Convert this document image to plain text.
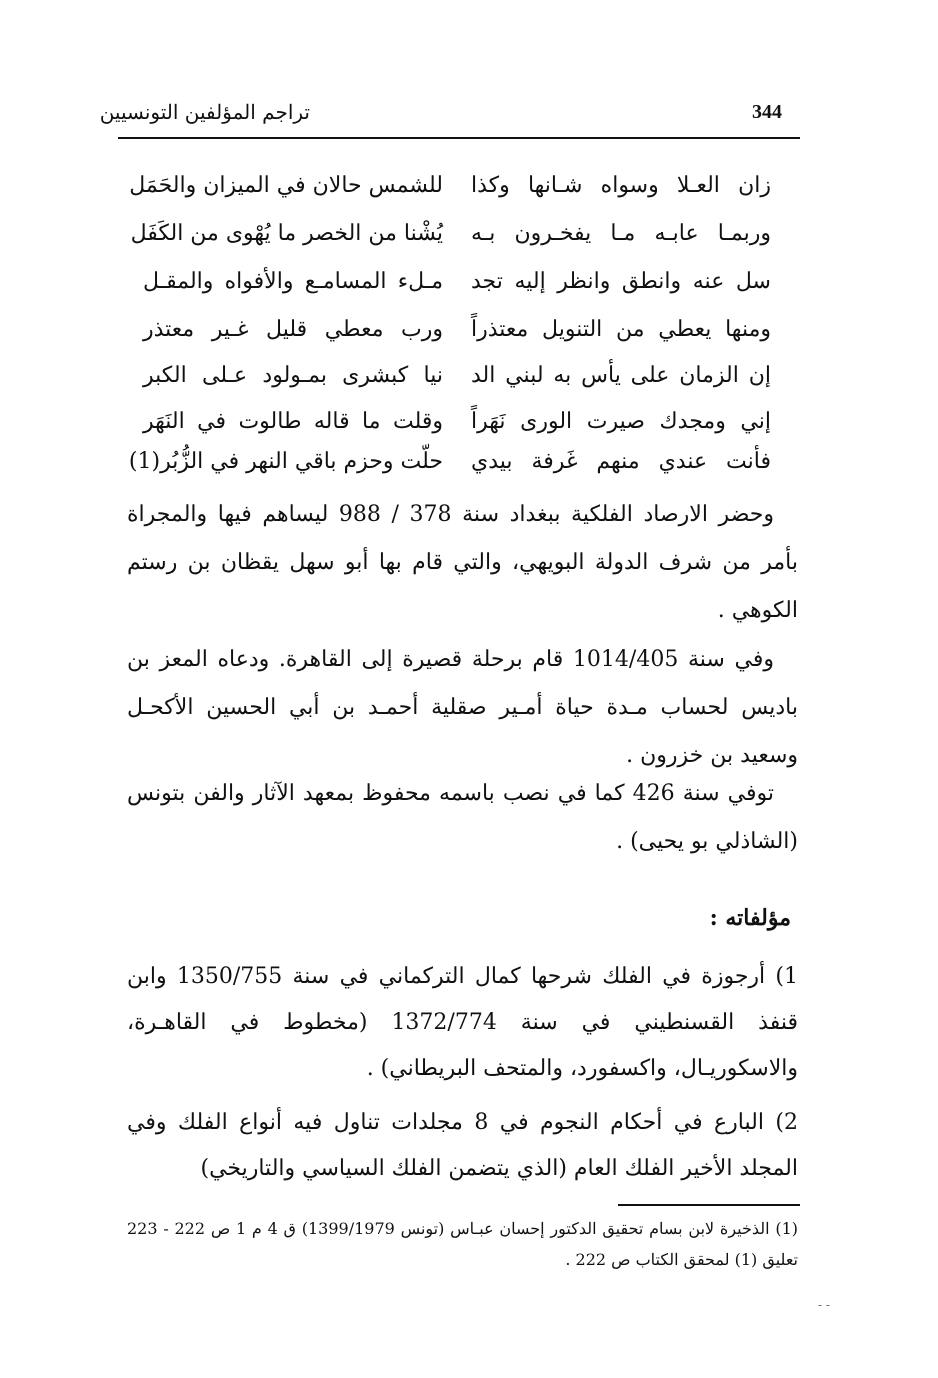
تراجم المؤلفين التونسيين	344
زان العـلا وسواه شـانها وكذا
للشمس حالان في الميزان والحَمَل
وربمـا عابـه مـا يفخـرون بـه
يُشْنا من الخصر ما يُهْوى من الكَفَل
سل عنه وانطق وانظر إليه تجد
مـلء المسامـع والأفواه والمقـل
ومنها يعطي من التنويل معتذراً
ورب معطي قليل غـير معتذر
إن الزمان على يأس به لبني الد
نيا كبشرى بمـولود عـلى الكبر
إني ومجدك صيرت الورى نَهَراً
وقلت ما قاله طالوت في النَهَر
فأنت عندي منهم غَرفة بيدي
حلّت وحزم باقي النهر في الزُّبُر(1)
وحضر الارصاد الفلكية ببغداد سنة 378 / 988 ليساهم فيها والمجراة بأمر من شرف الدولة البويهي، والتي قام بها أبو سهل يقظان بن رستم الكوهي .
وفي سنة 1014/405 قام برحلة قصيرة إلى القاهرة. ودعاه المعز بن باديس لحساب مـدة حياة أمـير صقلية أحمـد بن أبي الحسين الأكحـل وسعيد بن خزرون .
توفي سنة 426 كما في نصب باسمه محفوظ بمعهد الآثار والفن بتونس (الشاذلي بو يحيى) .
مؤلفاته :
1) أرجوزة في الفلك شرحها كمال التركماني في سنة 1350/755 وابن قنفذ القسنطيني في سنة 1372/774 (مخطوط في القاهـرة، والاسكوريـال، واكسفورد، والمتحف البريطاني) .
2) البارع في أحكام النجوم في 8 مجلدات تناول فيه أنواع الفلك وفي المجلد الأخير الفلك العام (الذي يتضمن الفلك السياسي والتاريخي)
(1) الذخيرة لابن بسام تحقيق الدكتور إحسان عبـاس (تونس 1399/1979) ق 4 م 1 ص 222 - 223 تعليق (1) لمحقق الكتاب ص 222 .
- -
